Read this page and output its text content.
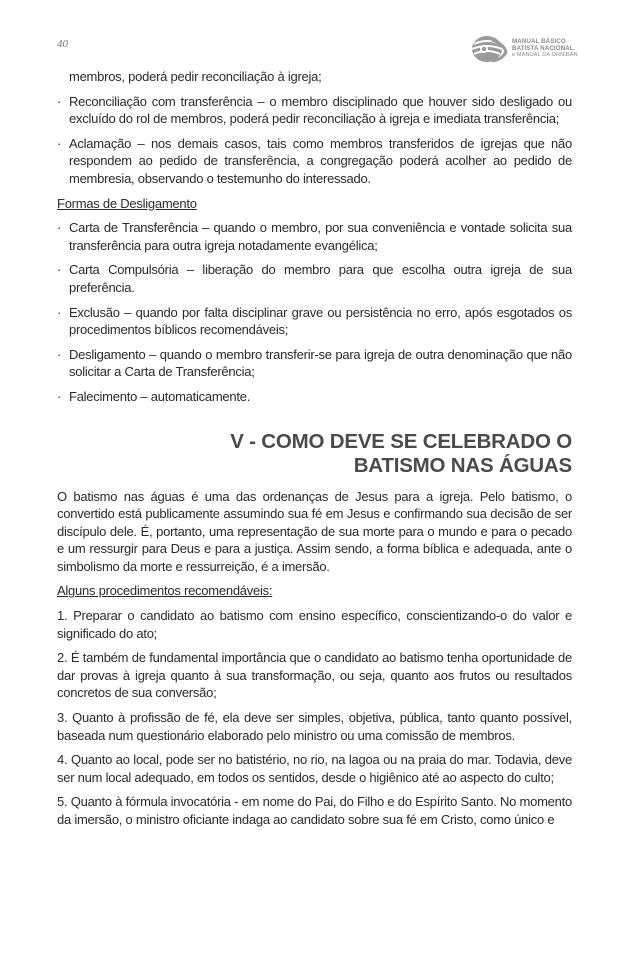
40	MANUAL BÁSICO
BATISTA NACIONAL
e MANUAL DA ORNIBAN

membros, poderá pedir reconciliação à igreja;

· Reconciliação com transferência – o membro disciplinado que houver sido desligado ou excluído do rol de membros, poderá pedir reconciliação à igreja e imediata transferência;

· Aclamação – nos demais casos, tais como membros transferidos de igrejas que não respondem ao pedido de transferência, a congregação poderá acolher ao pedido de membresia, observando o testemunho do interessado.

Formas de Desligamento

· Carta de Transferência – quando o membro, por sua conveniência e vontade solicita sua transferência para outra igreja notadamente evangélica;

· Carta Compulsória – liberação do membro para que escolha outra igreja de sua preferência.

· Exclusão – quando por falta disciplinar grave ou persistência no erro, após esgotados os procedimentos bíblicos recomendáveis;

· Desligamento – quando o membro transferir-se para igreja de outra denominação que não solicitar a Carta de Transferência;

· Falecimento – automaticamente.

V - COMO DEVE SE CELEBRADO O
BATISMO NAS ÁGUAS

O batismo nas águas é uma das ordenanças de Jesus para a igreja. Pelo batismo, o convertido está publicamente assumindo sua fé em Jesus e confirmando sua decisão de ser discípulo dele. É, portanto, uma representação de sua morte para o mundo e para o pecado e um ressurgir para Deus e para a justiça. Assim sendo, a forma bíblica e adequada, ante o simbolismo da morte e ressurreição, é a imersão.

Alguns procedimentos recomendáveis:

1. Preparar o candidato ao batismo com ensino específico, conscientizando-o do valor e significado do ato;

2. É também de fundamental importância que o candidato ao batismo tenha oportunidade de dar provas à igreja quanto à sua transformação, ou seja, quanto aos frutos ou resultados concretos de sua conversão;

3. Quanto à profissão de fé, ela deve ser simples, objetiva, pública, tanto quanto possível, baseada num questionário elaborado pelo ministro ou uma comissão de membros.

4. Quanto ao local, pode ser no batistério, no rio, na lagoa ou na praia do mar. Todavia, deve ser num local adequado, em todos os sentidos, desde o higiênico até ao aspecto do culto;

5. Quanto à fórmula invocatória - em nome do Pai, do Filho e do Espírito Santo. No momento da imersão, o ministro oficiante indaga ao candidato sobre sua fé em Cristo, como único e
